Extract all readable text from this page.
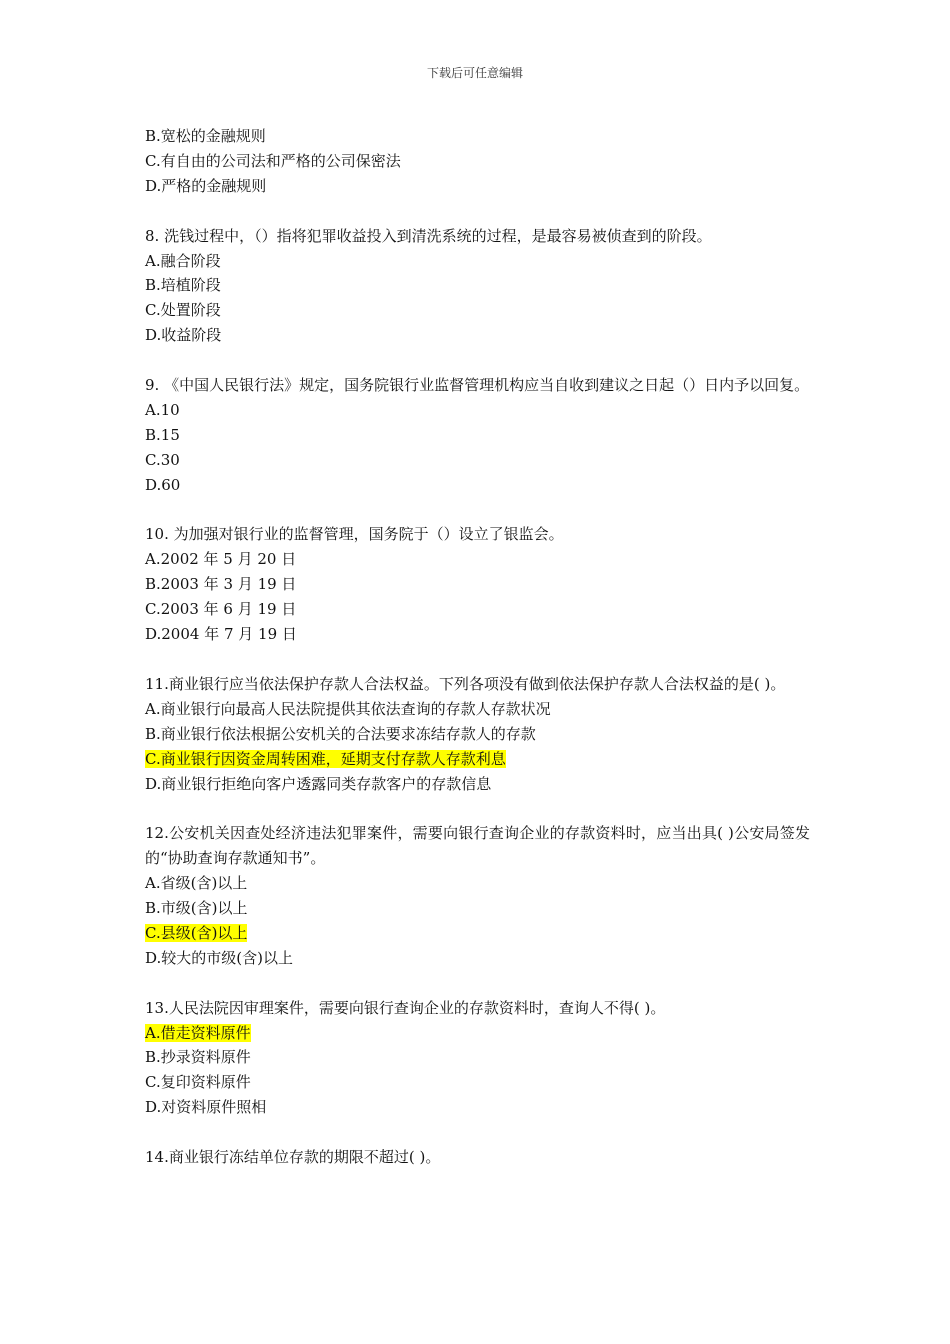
下载后可任意编辑
B.宽松的金融规则
C.有自由的公司法和严格的公司保密法
D.严格的金融规则
8. 洗钱过程中，（）指将犯罪收益投入到清洗系统的过程，是最容易被侦查到的阶段。
A.融合阶段
B.培植阶段
C.处置阶段
D.收益阶段
9. 《中国人民银行法》规定，国务院银行业监督管理机构应当自收到建议之日起（）日内予以回复。
A.10
B.15
C.30
D.60
10. 为加强对银行业的监督管理，国务院于（）设立了银监会。
A.2002 年 5 月 20 日
B.2003 年 3 月 19 日
C.2003 年 6 月 19 日
D.2004 年 7 月 19 日
11.商业银行应当依法保护存款人合法权益。下列各项没有做到依法保护存款人合法权益的是( )。
A.商业银行向最高人民法院提供其依法查询的存款人存款状况
B.商业银行依法根据公安机关的合法要求冻结存款人的存款
C.商业银行因资金周转困难，延期支付存款人存款利息
D.商业银行拒绝向客户透露同类存款客户的存款信息
12.公安机关因查处经济违法犯罪案件，需要向银行查询企业的存款资料时，应当出具( )公安局签发的“协助查询存款通知书”。
A.省级(含)以上
B.市级(含)以上
C.县级(含)以上
D.较大的市级(含)以上
13.人民法院因审理案件，需要向银行查询企业的存款资料时，查询人不得( )。
A.借走资料原件
B.抄录资料原件
C.复印资料原件
D.对资料原件照相
14.商业银行冻结单位存款的期限不超过( )。
